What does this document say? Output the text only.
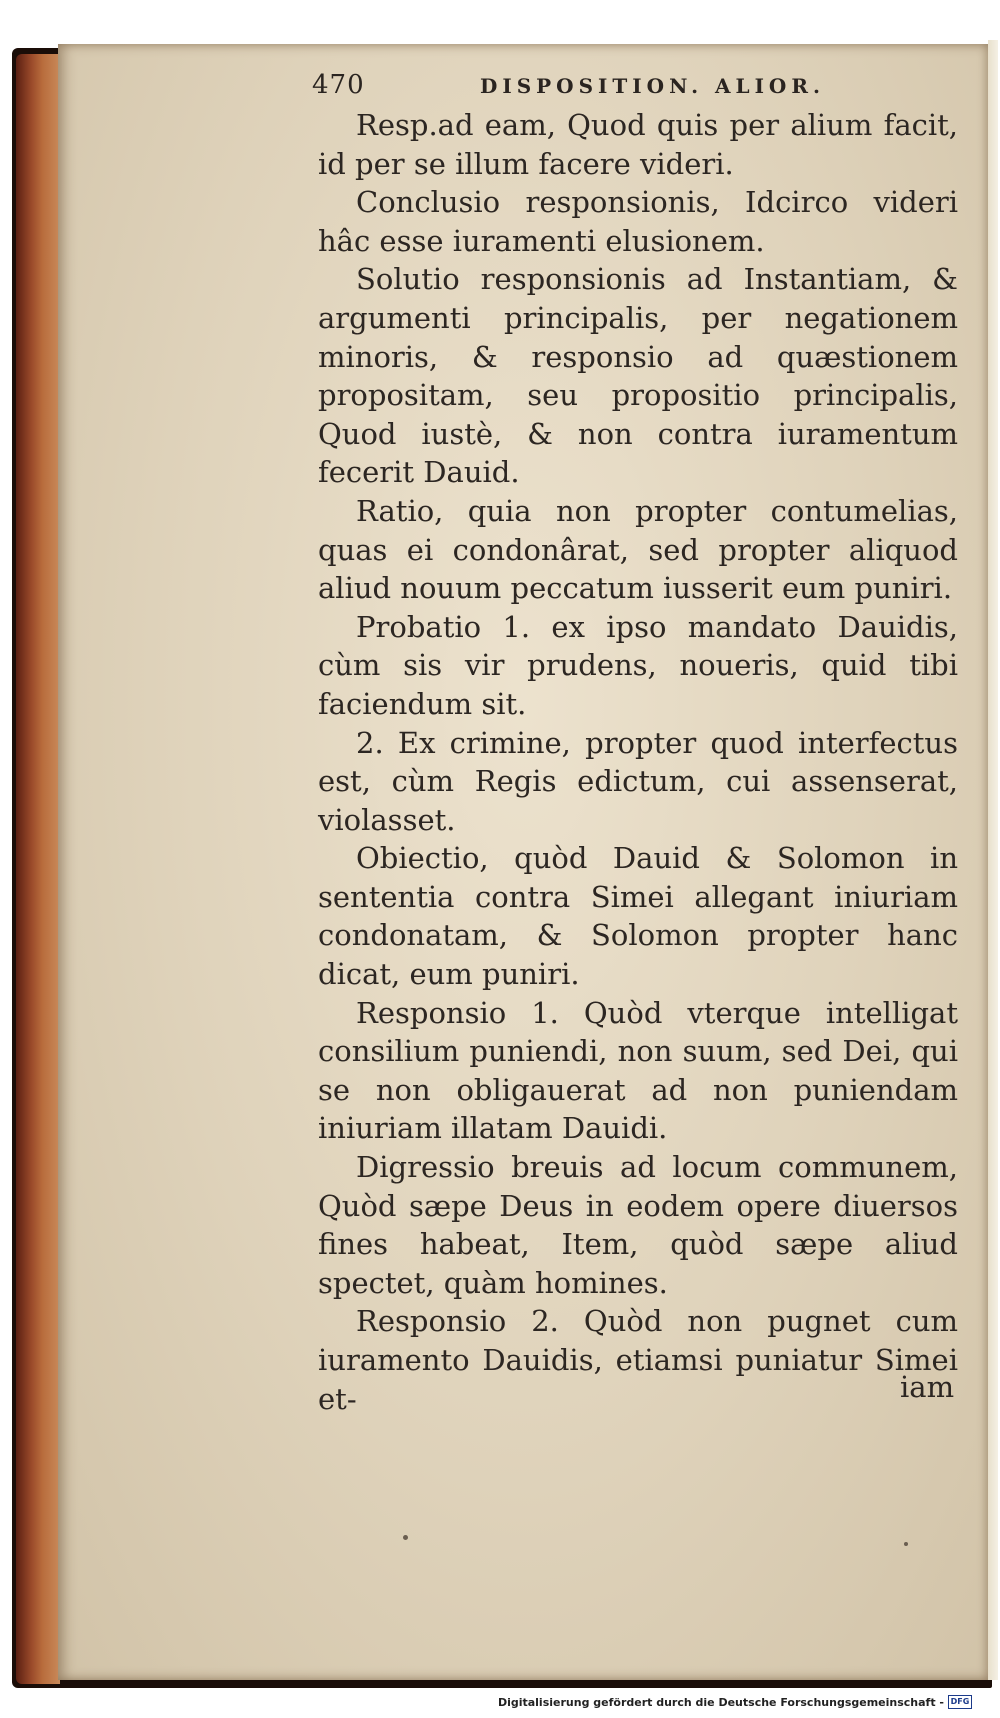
470	DISPOSITION. ALIOR.

Resp.ad eam, Quod quis per alium facit, id per se illum facere videri.

Conclusio responsionis, Idcirco videri hâc esse iuramenti elusionem.

Solutio responsionis ad Instantiam, & argumenti principalis, per negationem minoris, & responsio ad quæstionem propositam, seu propositio principalis, Quod iustè, & non contra iuramentum fecerit Dauid.

Ratio, quia non propter contumelias, quas ei condonârat, sed propter aliquod aliud nouum peccatum iusserit eum puniri.

Probatio 1. ex ipso mandato Dauidis, cùm sis vir prudens, noueris, quid tibi faciendum sit.

2. Ex crimine, propter quod interfectus est, cùm Regis edictum, cui assenserat, violasset.

Obiectio, quòd Dauid & Solomon in sententia contra Simei allegant iniuriam condonatam, & Solomon propter hanc dicat, eum puniri.

Responsio 1. Quòd vterque intelligat consilium puniendi, non suum, sed Dei, qui se non obligauerat ad non puniendam iniuriam illatam Dauidi.

Digressio breuis ad locum communem, Quòd sæpe Deus in eodem opere diuersos fines habeat, Item, quòd sæpe aliud spectet, quàm homines.

Responsio 2. Quòd non pugnet cum iuramento Dauidis, etiamsi puniatur Simei et-	iam
Digitalisierung gefördert durch die Deutsche Forschungsgemeinschaft - DFG
